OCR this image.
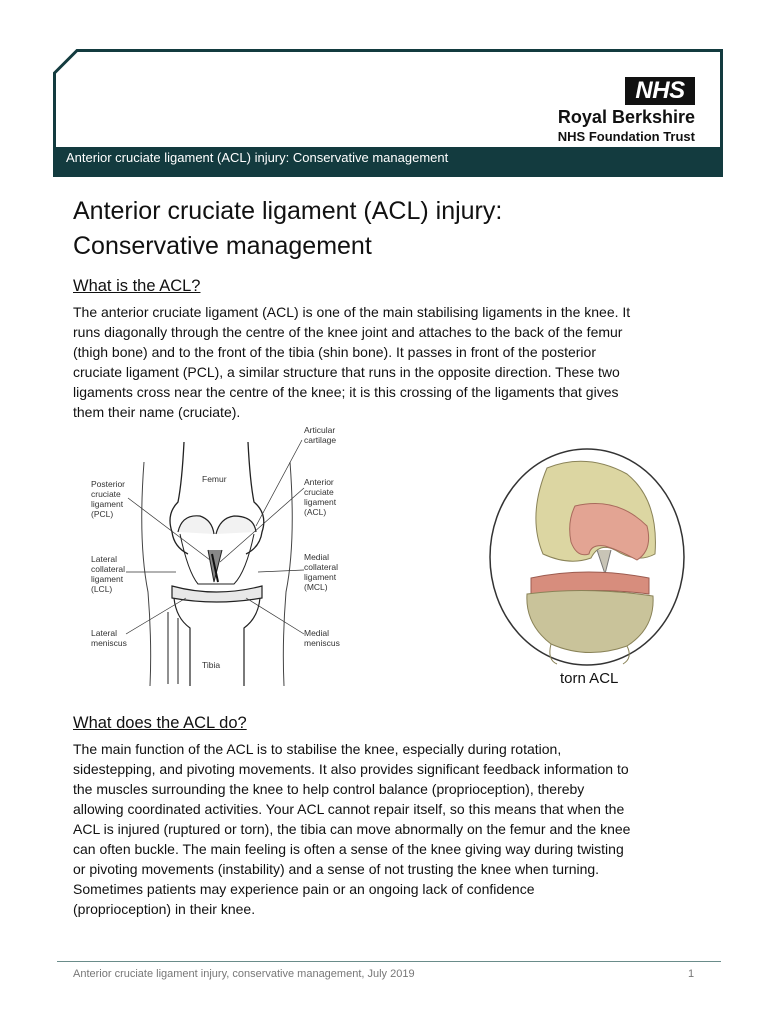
NHS
Royal Berkshire
NHS Foundation Trust
Anterior cruciate ligament (ACL) injury: Conservative management
Anterior cruciate ligament (ACL) injury:
Conservative management
What is the ACL?

The anterior cruciate ligament (ACL) is one of the main stabilising ligaments in the knee. It
runs diagonally through the centre of the knee joint and attaches to the back of the femur
(thigh bone) and to the front of the tibia (shin bone). It passes in front of the posterior
cruciate ligament (PCL), a similar structure that runs in the opposite direction. These two
ligaments cross near the centre of the knee; it is this crossing of the ligaments that gives
them their name (cruciate).

Articular cartilage
Femur
Posterior cruciate ligament (PCL)
Anterior cruciate ligament (ACL)
Lateral collateral ligament (LCL)
Medial collateral ligament (MCL)
Lateral meniscus
Medial meniscus
Tibia
torn ACL
What does the ACL do?

The main function of the ACL is to stabilise the knee, especially during rotation,
sidestepping, and pivoting movements. It also provides significant feedback information to
the muscles surrounding the knee to help control balance (proprioception), thereby
allowing coordinated activities. Your ACL cannot repair itself, so this means that when the
ACL is injured (ruptured or torn), the tibia can move abnormally on the femur and the knee
can often buckle. The main feeling is often a sense of the knee giving way during twisting
or pivoting movements (instability) and a sense of not trusting the knee when turning.
Sometimes patients may experience pain or an ongoing lack of confidence
(proprioception) in their knee.

Anterior cruciate ligament injury, conservative management, July 2019	1
